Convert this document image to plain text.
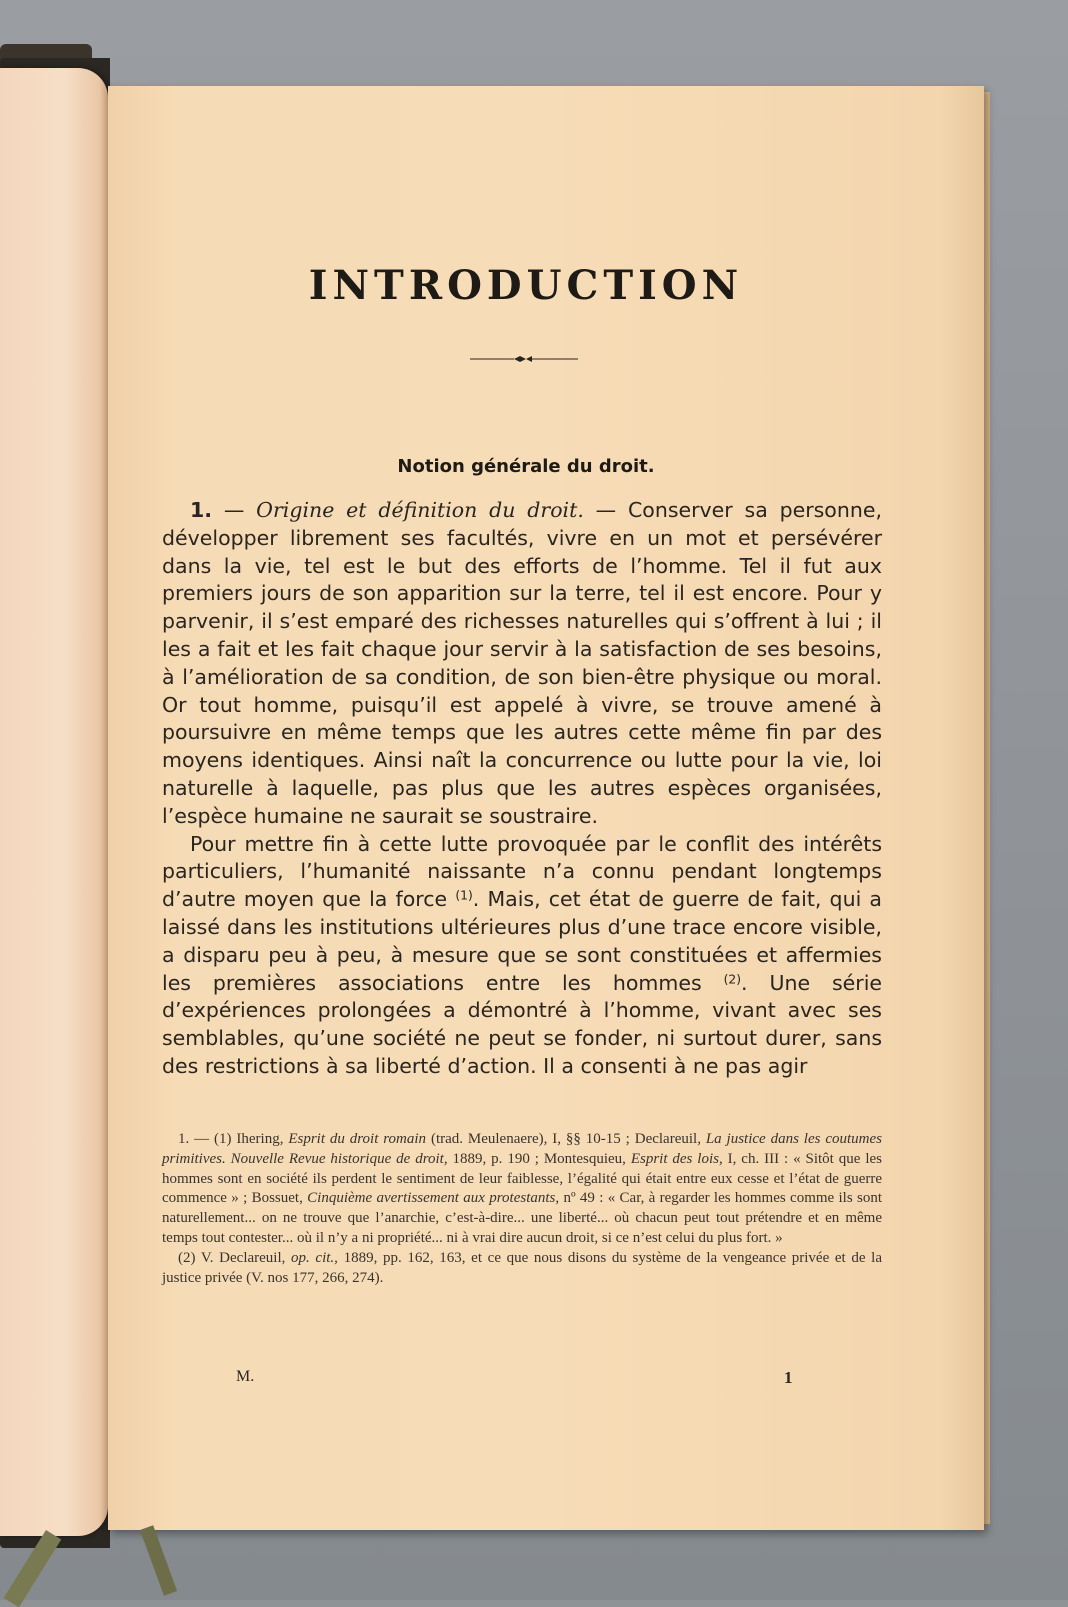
INTRODUCTION
Notion générale du droit.

1. — Origine et définition du droit. — Conserver sa personne, développer librement ses facultés, vivre en un mot et persévérer dans la vie, tel est le but des efforts de l’homme. Tel il fut aux premiers jours de son apparition sur la terre, tel il est encore. Pour y parvenir, il s’est emparé des richesses naturelles qui s’offrent à lui ; il les a fait et les fait chaque jour servir à la satisfaction de ses besoins, à l’amélioration de sa condition, de son bien-être physique ou moral. Or tout homme, puisqu’il est appelé à vivre, se trouve amené à poursuivre en même temps que les autres cette même fin par des moyens identiques. Ainsi naît la concurrence ou lutte pour la vie, loi naturelle à laquelle, pas plus que les autres espèces organisées, l’espèce humaine ne saurait se soustraire.

Pour mettre fin à cette lutte provoquée par le conflit des intérêts particuliers, l’humanité naissante n’a connu pendant longtemps d’autre moyen que la force $^{(1)}$. Mais, cet état de guerre de fait, qui a laissé dans les institutions ultérieures plus d’une trace encore visible, a disparu peu à peu, à mesure que se sont constituées et affermies les premières associations entre les hommes $^{(2)}$. Une série d’expériences prolongées a démontré à l’homme, vivant avec ses semblables, qu’une société ne peut se fonder, ni surtout durer, sans des restrictions à sa liberté d’action. Il a consenti à ne pas agir

1. — (1) Ihering, Esprit du droit romain (trad. Meulenaere), I, §§ 10-15 ; Declareuil, La justice dans les coutumes primitives. Nouvelle Revue historique de droit, 1889, p. 190 ; Montesquieu, Esprit des lois, I, ch. III : « Sitôt que les hommes sont en société ils perdent le sentiment de leur faiblesse, l’égalité qui était entre eux cesse et l’état de guerre commence » ; Bossuet, Cinquième avertissement aux protestants, nº 49 : « Car, à regarder les hommes comme ils sont naturellement... on ne trouve que l’anarchie, c’est-à-dire... une liberté... où chacun peut tout prétendre et en même temps tout contester... où il n’y a ni propriété... ni à vrai dire aucun droit, si ce n’est celui du plus fort. »

(2) V. Declareuil, op. cit., 1889, pp. 162, 163, et ce que nous disons du système de la vengeance privée et de la justice privée (V. nos 177, 266, 274).

M.	1
